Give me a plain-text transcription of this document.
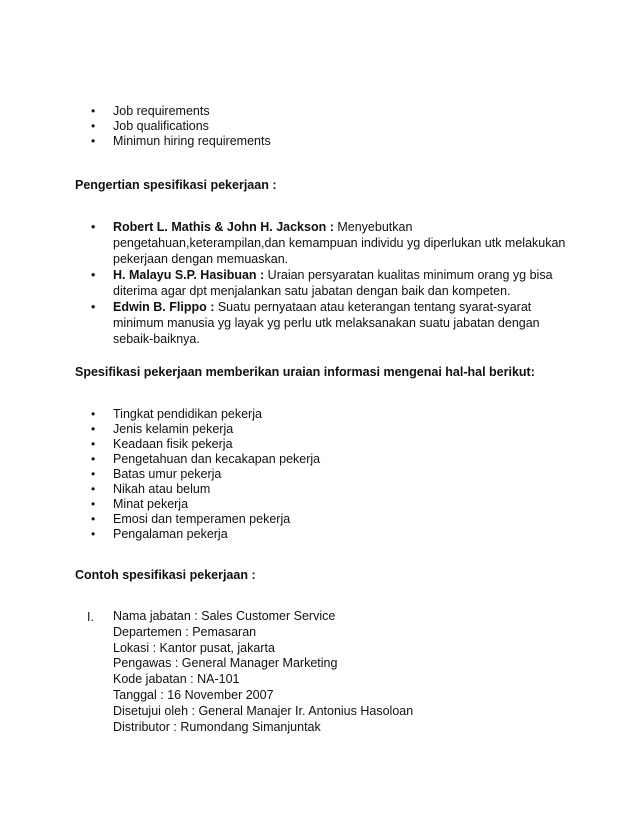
•	Job requirements
•	Job qualifications
•	Minimun hiring requirements
Pengertian spesifikasi pekerjaan :
• Robert L. Mathis & John H. Jackson : Menyebutkan pengetahuan,keterampilan,dan kemampuan individu yg diperlukan utk melakukan pekerjaan dengan memuaskan.
• H. Malayu S.P. Hasibuan : Uraian persyaratan kualitas minimum orang yg bisa diterima agar dpt menjalankan satu jabatan dengan baik dan kompeten.
• Edwin B. Flippo : Suatu pernyataan atau keterangan tentang syarat-syarat minimum manusia yg layak yg perlu utk melaksanakan suatu jabatan dengan sebaik-baiknya.
Spesifikasi pekerjaan memberikan uraian informasi mengenai hal-hal berikut:
•	Tingkat pendidikan pekerja
•	Jenis kelamin pekerja
•	Keadaan fisik pekerja
•	Pengetahuan dan kecakapan pekerja
•	Batas umur pekerja
•	Nikah atau belum
•	Minat pekerja
•	Emosi dan temperamen pekerja
•	Pengalaman pekerja
Contoh spesifikasi pekerjaan :
I. Nama jabatan : Sales Customer Service
Departemen : Pemasaran
Lokasi : Kantor pusat, jakarta
Pengawas : General Manager Marketing
Kode jabatan : NA-101
Tanggal : 16 November 2007
Disetujui oleh : General Manajer Ir. Antonius Hasoloan
Distributor : Rumondang Simanjuntak
